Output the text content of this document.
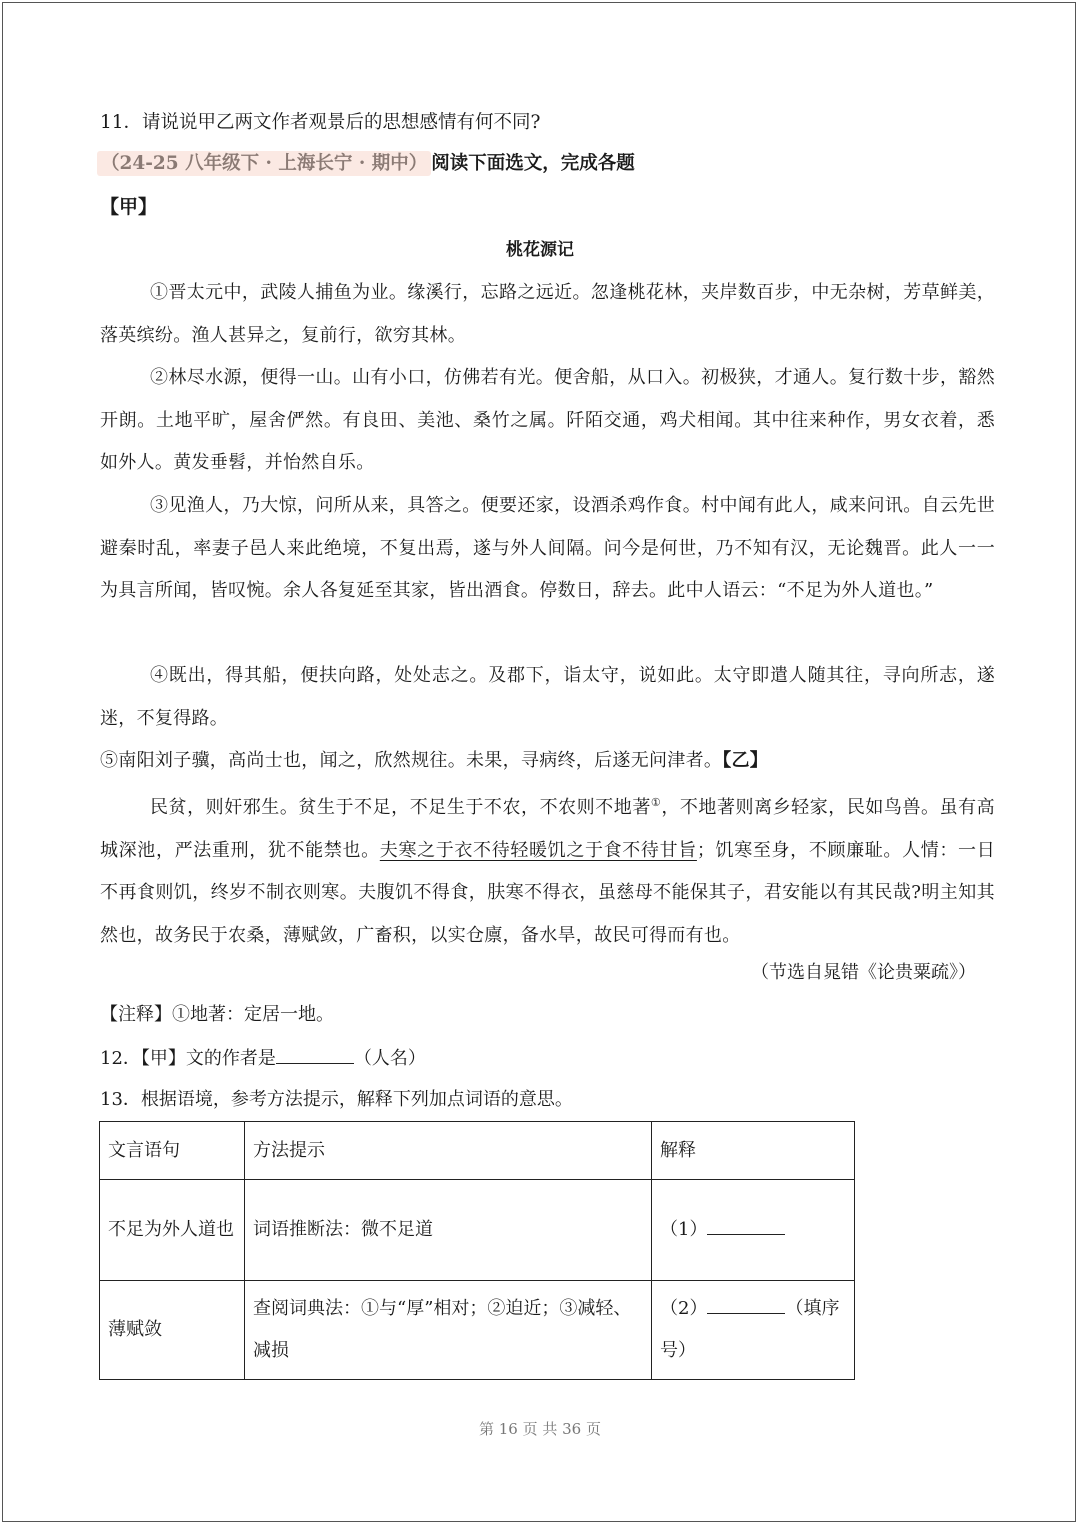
11．请说说甲乙两文作者观景后的思想感情有何不同?
（24-25 八年级下 · 上海长宁 · 期中） 阅读下面选文，完成各题
【甲】
桃花源记
①晋太元中，武陵人捕鱼为业。缘溪行，忘路之远近。忽逢桃花林，夹岸数百步，中无杂树，芳草鲜美，落英缤纷。渔人甚异之，复前行，欲穷其林。
②林尽水源，便得一山。山有小口，仿佛若有光。便舍船，从口入。初极狭，才通人。复行数十步，豁然开朗。土地平旷，屋舍俨然。有良田、美池、桑竹之属。阡陌交通，鸡犬相闻。其中往来种作，男女衣着，悉如外人。黄发垂髫，并怡然自乐。
③见渔人，乃大惊，问所从来，具答之。便要还家，设酒杀鸡作食。村中闻有此人，咸来问讯。自云先世避秦时乱，率妻子邑人来此绝境，不复出焉，遂与外人间隔。问今是何世，乃不知有汉，无论魏晋。此人一一为具言所闻，皆叹惋。余人各复延至其家，皆出酒食。停数日，辞去。此中人语云：“不足为外人道也。”
④既出，得其船，便扶向路，处处志之。及郡下，诣太守，说如此。太守即遣人随其往，寻向所志，遂迷，不复得路。
⑤南阳刘子骥，高尚士也，闻之，欣然规往。未果，寻病终，后遂无问津者。【乙】
民贫，则奸邪生。贫生于不足，不足生于不农，不农则不地著①，不地著则离乡轻家，民如鸟兽。虽有高城深池，严法重刑，犹不能禁也。夫寒之于衣不待轻暖饥之于食不待甘旨；饥寒至身，不顾廉耻。人情：一日不再食则饥，终岁不制衣则寒。夫腹饥不得食，肤寒不得衣，虽慈母不能保其子，君安能以有其民哉?明主知其然也，故务民于农桑，薄赋敛，广畜积，以实仓廪，备水旱，故民可得而有也。
（节选自晁错《论贵粟疏》）
【注释】①地著：定居一地。
12．【甲】文的作者是	（人名）
13．根据语境，参考方法提示，解释下列加点词语的意思。
文言语句	方法提示	解释
不足为外人道也	词语推断法：微不足道	（1）
薄赋敛	查阅词典法：①与“厚”相对；②迫近；③减轻、减损	（2） （填序号）
第 16 页 共 36 页
